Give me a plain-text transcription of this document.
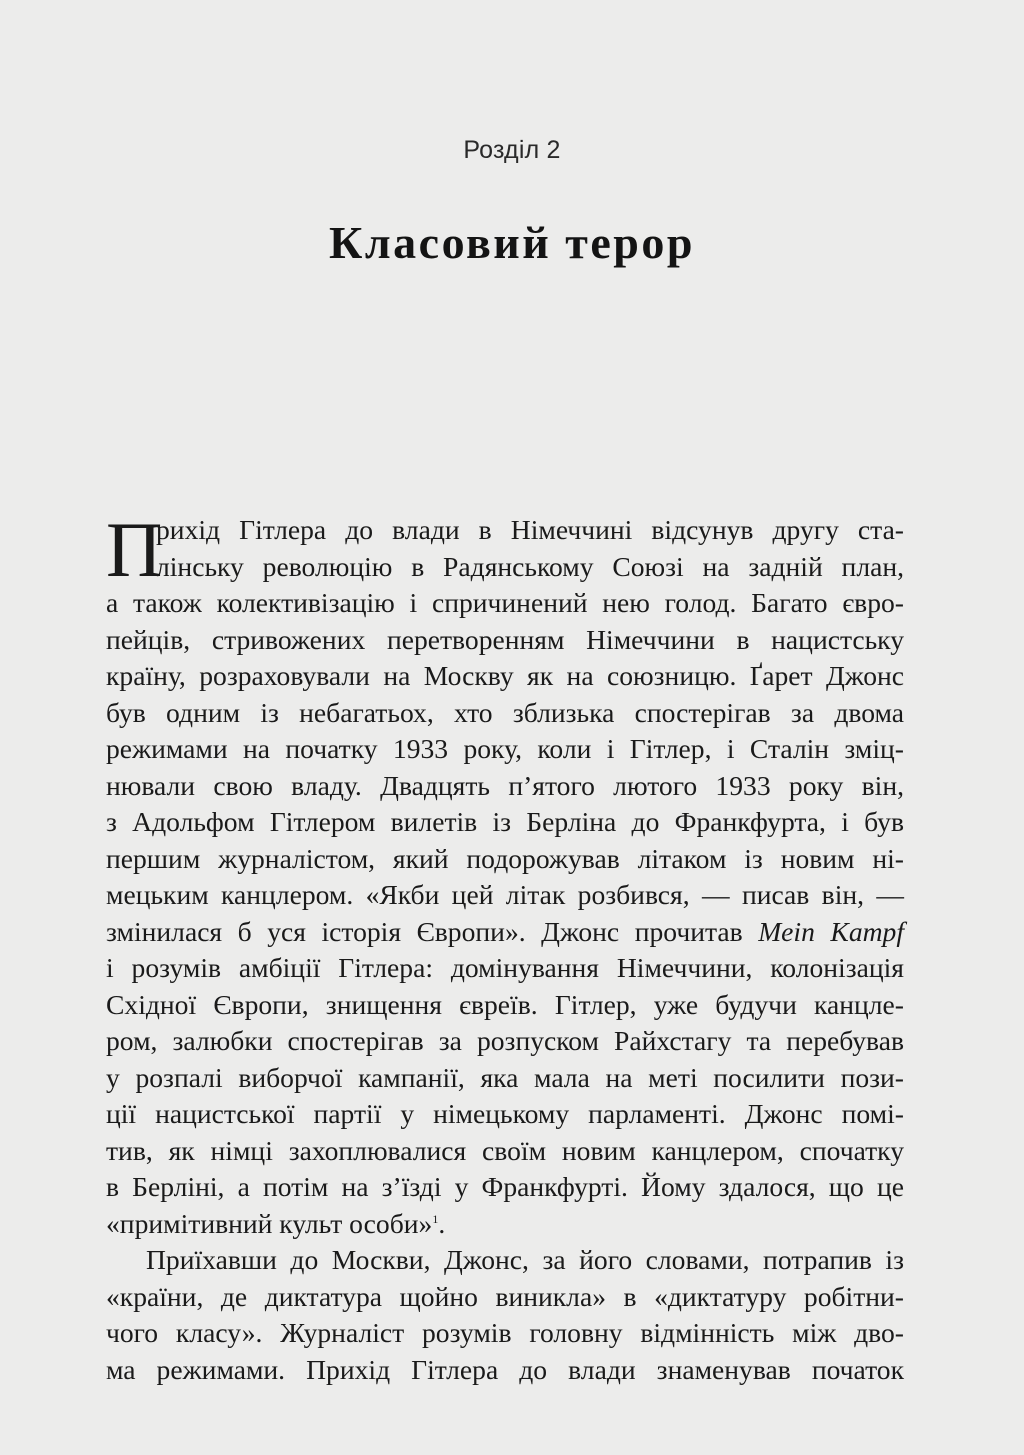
Розділ 2
Класовий терор
П
рихід Гітлера до влади в Німеччині відсунув другу ста-
лінську революцію в Радянському Союзі на задній план,
а також колективізацію і спричинений нею голод. Багато євро-
пейців, стривожених перетворенням Німеччини в нацистську
країну, розраховували на Москву як на союзницю. Ґарет Джонс
був одним із небагатьох, хто зблизька спостерігав за двома
режимами на початку 1933 року, коли і Гітлер, і Сталін зміц-
нювали свою владу. Двадцять п’ятого лютого 1933 року він,
з Адольфом Гітлером вилетів із Берліна до Франкфурта, і був
першим журналістом, який подорожував літаком із новим ні-
мецьким канцлером. «Якби цей літак розбився, — писав він, —
змінилася б уся історія Європи». Джонс прочитав Mein Kampf
і розумів амбіції Гітлера: домінування Німеччини, колонізація
Східної Європи, знищення євреїв. Гітлер, уже будучи канцле-
ром, залюбки спостерігав за розпуском Райхстагу та перебував
у розпалі виборчої кампанії, яка мала на меті посилити пози-
ції нацистської партії у німецькому парламенті. Джонс помі-
тив, як німці захоплювалися своїм новим канцлером, спочатку
в Берліні, а потім на з’їзді у Франкфурті. Йому здалося, що це
«примітивний культ особи»$^1$.
Приїхавши до Москви, Джонс, за його словами, потрапив із
«країни, де диктатура щойно виникла» в «диктатуру робітни-
чого класу». Журналіст розумів головну відмінність між дво-
ма режимами. Прихід Гітлера до влади знаменував початок
